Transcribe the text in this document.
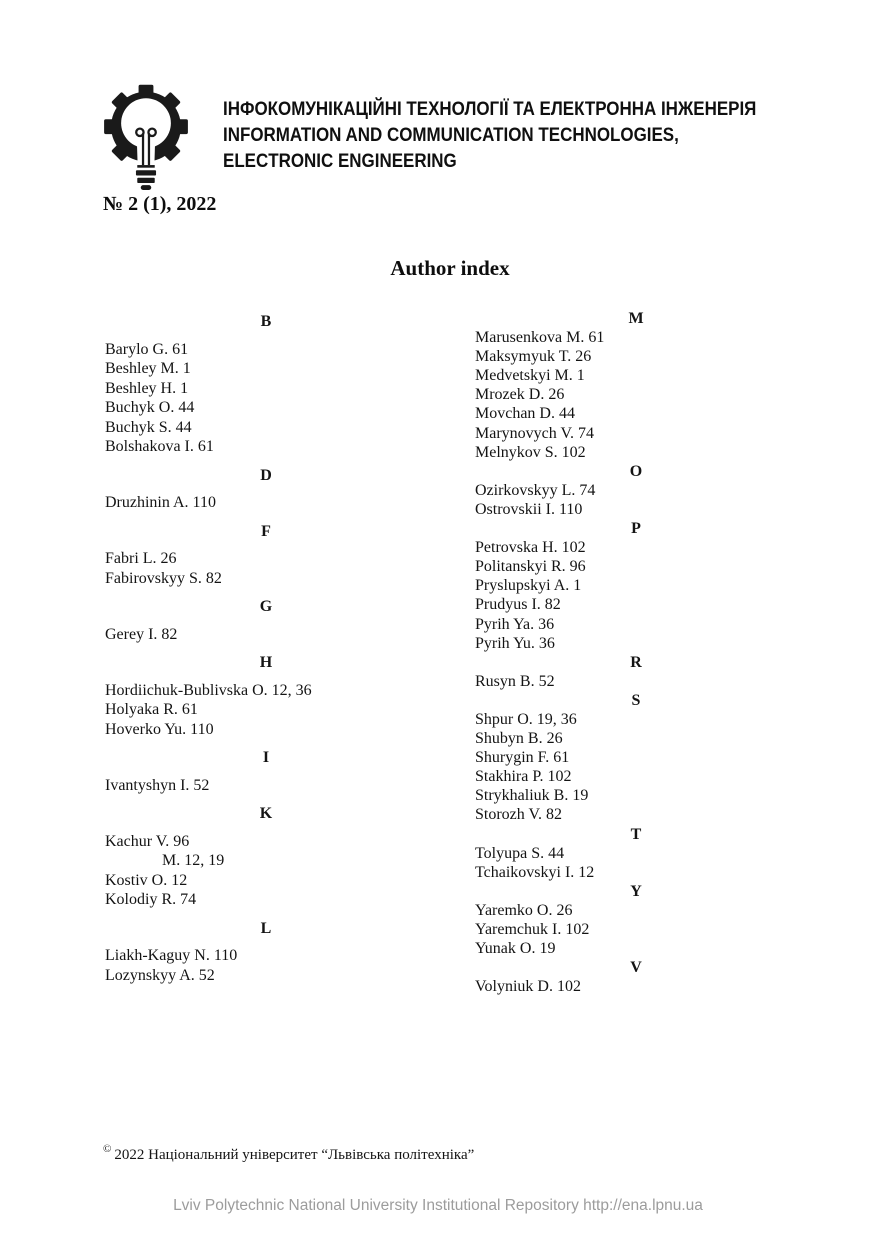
ІНФОКОМУНІКАЦІЙНІ ТЕХНОЛОГІЇ ТА ЕЛЕКТРОННА ІНЖЕНЕРІЯ
INFORMATION AND COMMUNICATION TECHNOLOGIES,
ELECTRONIC ENGINEERING
№ 2 (1), 2022
Author index
B
Barylo G. 61
Beshley M. 1
Beshley H. 1
Buchyk O. 44
Buchyk S. 44
Bolshakova I. 61
D
Druzhinin A. 110
F
Fabri L. 26
Fabirovskyy S. 82
G
Gerey I. 82
H
Hordiichuk-Bublivska O. 12, 36
Holyaka R. 61
Hoverko Yu. 110
I
Ivantyshyn I. 52
K
Kachur V. 96
M. 12, 19
Kostiv O. 12
Kolodiy R. 74
L
Liakh-Kaguy N. 110
Lozynskyy A. 52
M
Marusenkova M. 61
Maksymyuk T. 26
Medvetskyi M. 1
Mrozek D. 26
Movchan D. 44
Marynovych V. 74
Melnykov S. 102
O
Ozirkovskyy L. 74
Ostrovskii I. 110
P
Petrovska H. 102
Politanskyi R. 96
Pryslupskyi A. 1
Prudyus I. 82
Pyrih Ya. 36
Pyrih Yu. 36
R
Rusyn B. 52
S
Shpur O. 19, 36
Shubyn B. 26
Shurygin F. 61
Stakhira P. 102
Strykhaliuk B. 19
Storozh V. 82
T
Tolyupa S. 44
Tchaikovskyi I. 12
Y
Yaremko O. 26
Yaremchuk I. 102
Yunak O. 19
V
Volyniuk D. 102
© 2022 Національний університет “Львівська політехніка”
Lviv Polytechnic National University Institutional Repository http://ena.lpnu.ua
